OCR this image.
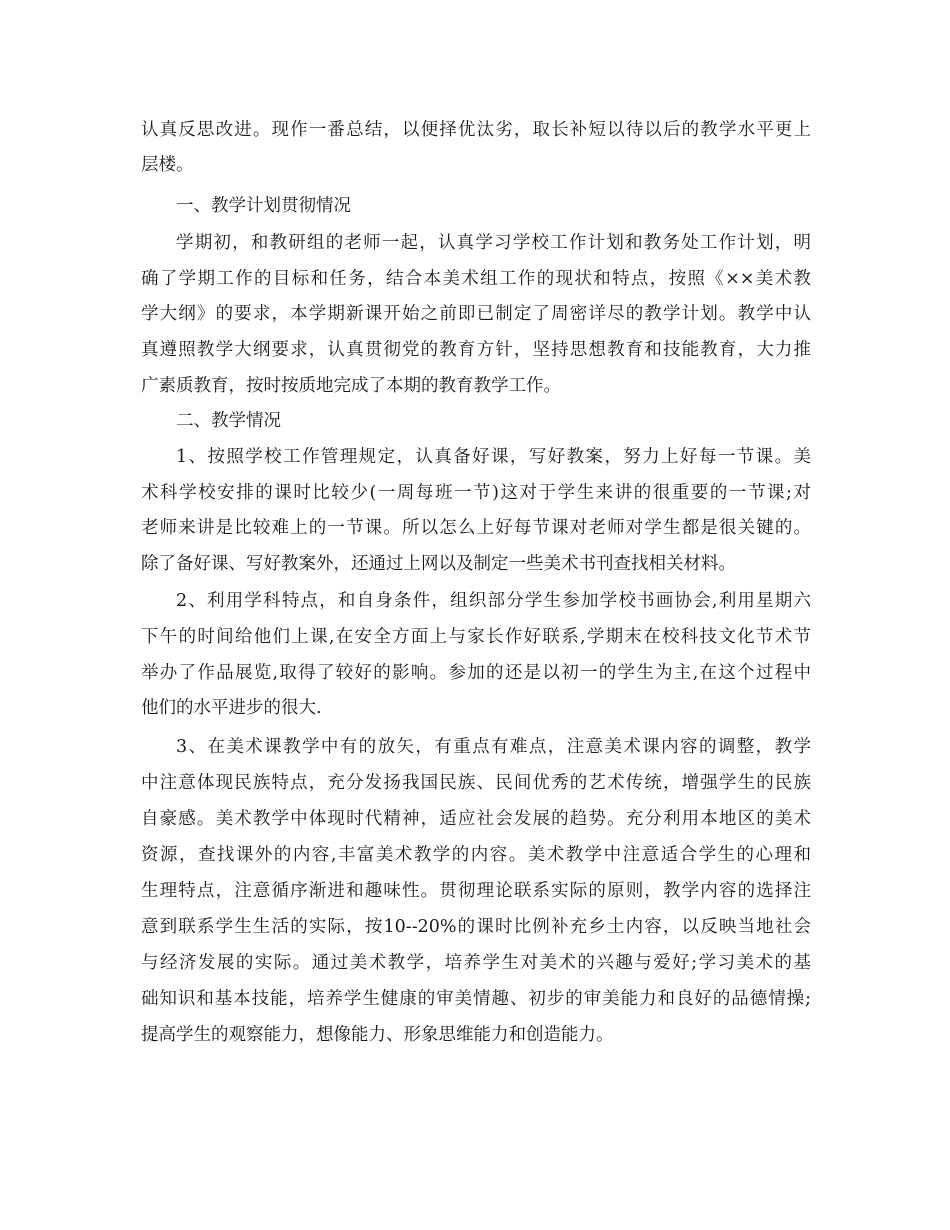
认真反思改进。现作一番总结，以便择优汰劣，取长补短以待以后的教学水平更上
层楼。
一、教学计划贯彻情况
学期初，和教研组的老师一起，认真学习学校工作计划和教务处工作计划，明
确了学期工作的目标和任务，结合本美术组工作的现状和特点，按照《××美术教
学大纲》的要求，本学期新课开始之前即已制定了周密详尽的教学计划。教学中认
真遵照教学大纲要求，认真贯彻党的教育方针，坚持思想教育和技能教育，大力推
广素质教育，按时按质地完成了本期的教育教学工作。
二、教学情况
1、按照学校工作管理规定，认真备好课，写好教案，努力上好每一节课。美
术科学校安排的课时比较少(一周每班一节)这对于学生来讲的很重要的一节课;对
老师来讲是比较难上的一节课。所以怎么上好每节课对老师对学生都是很关键的。
除了备好课、写好教案外，还通过上网以及制定一些美术书刊查找相关材料。
2、利用学科特点，和自身条件，组织部分学生参加学校书画协会,利用星期六
下午的时间给他们上课,在安全方面上与家长作好联系,学期末在校科技文化节术节
举办了作品展览,取得了较好的影响。参加的还是以初一的学生为主,在这个过程中
他们的水平进步的很大.
3、在美术课教学中有的放矢，有重点有难点，注意美术课内容的调整，教学
中注意体现民族特点，充分发扬我国民族、民间优秀的艺术传统，增强学生的民族
自豪感。美术教学中体现时代精神，适应社会发展的趋势。充分利用本地区的美术
资源，查找课外的内容,丰富美术教学的内容。美术教学中注意适合学生的心理和
生理特点，注意循序渐进和趣味性。贯彻理论联系实际的原则，教学内容的选择注
意到联系学生生活的实际，按10--20%的课时比例补充乡土内容，以反映当地社会
与经济发展的实际。通过美术教学，培养学生对美术的兴趣与爱好;学习美术的基
础知识和基本技能，培养学生健康的审美情趣、初步的审美能力和良好的品德情操;
提高学生的观察能力，想像能力、形象思维能力和创造能力。
